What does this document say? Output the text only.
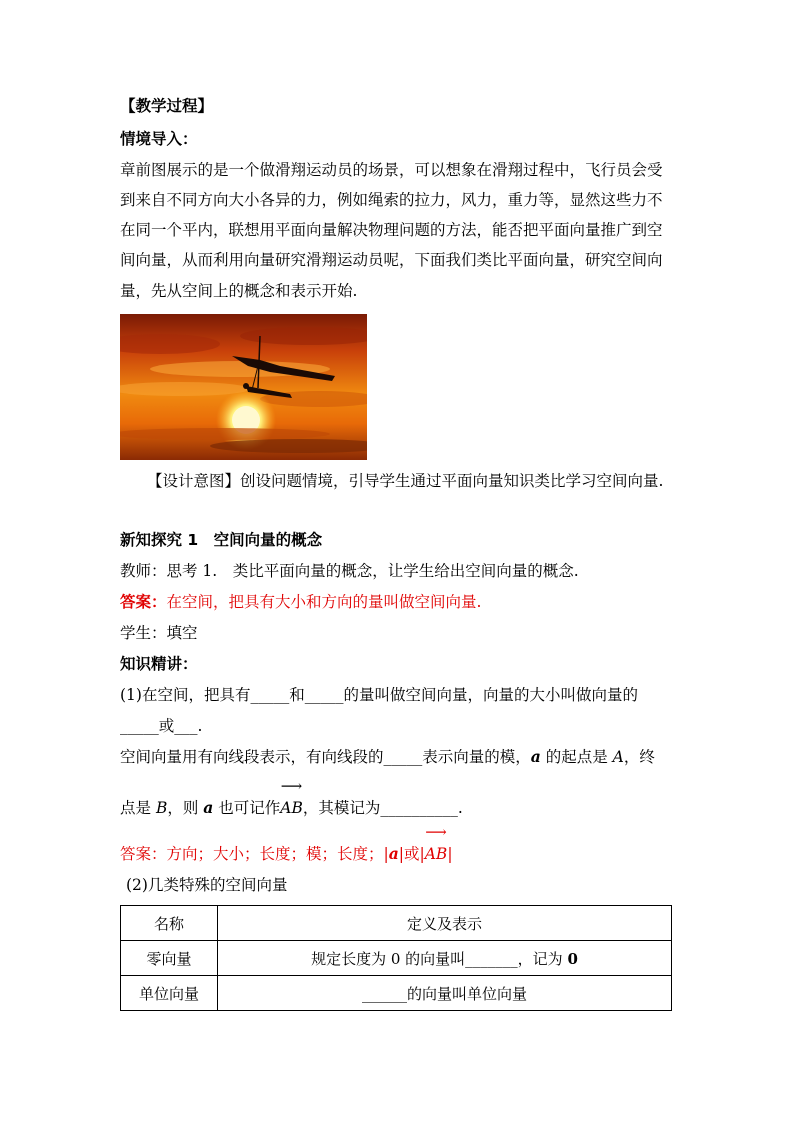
【教学过程】
情境导入：
章前图展示的是一个做滑翔运动员的场景，可以想象在滑翔过程中，飞行员会受
到来自不同方向大小各异的力，例如绳索的拉力，风力，重力等，显然这些力不
在同一个平内，联想用平面向量解决物理问题的方法，能否把平面向量推广到空
间向量，从而利用向量研究滑翔运动员呢，下面我们类比平面向量，研究空间向
量，先从空间上的概念和表示开始.
【设计意图】创设问题情境，引导学生通过平面向量知识类比学习空间向量.
新知探究 1　空间向量的概念
教师：思考 1.　类比平面向量的概念，让学生给出空间向量的概念.
答案：在空间，把具有大小和方向的量叫做空间向量.
学生：填空
知识精讲：
(1)在空间，把具有_____和_____的量叫做空间向量，向量的大小叫做向量的
_____或___.
空间向量用有向线段表示，有向线段的_____表示向量的模，a 的起点是 A，终
点是 B，则 a 也可记作
⟶
AB，其模记为__________.
答案：方向；大小；长度；模；长度；|a|或|
⟶
AB|
(2)几类特殊的空间向量
名称	定义及表示
零向量	规定长度为 0 的向量叫_______，记为 0
单位向量	______的向量叫单位向量
